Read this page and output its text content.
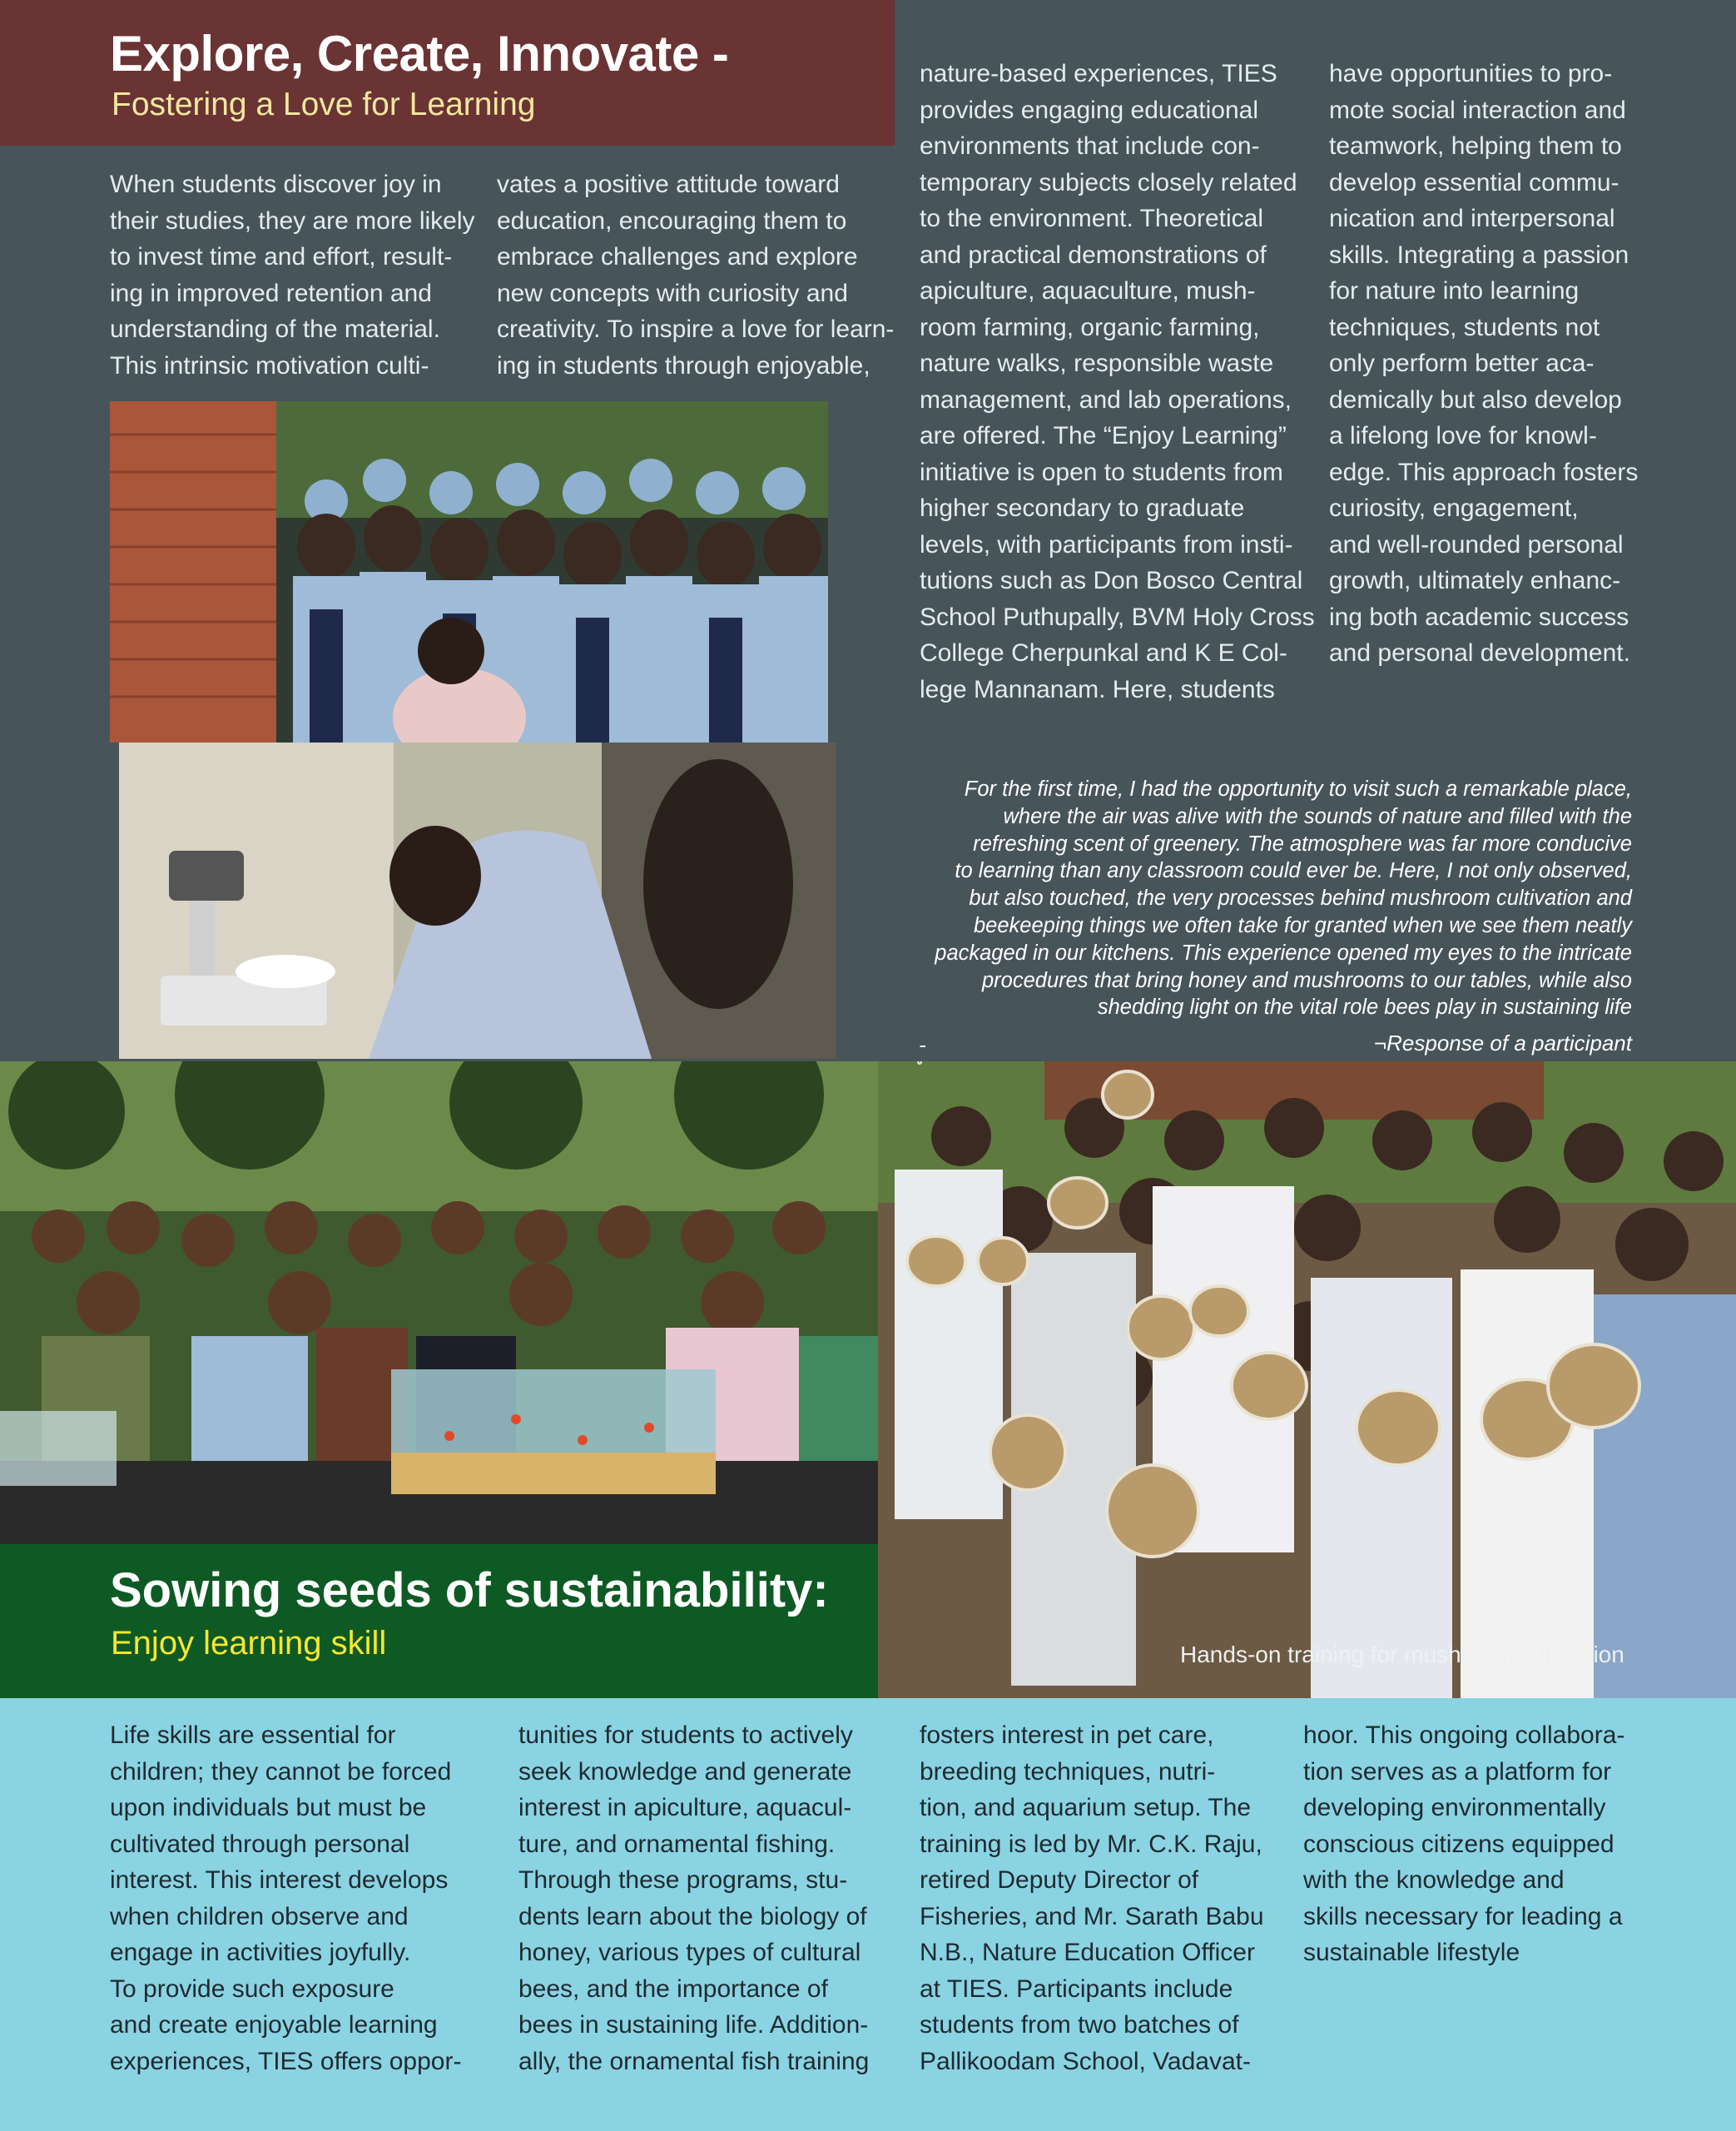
Explore, Create, Innovate -
Fostering a Love for Learning
When students discover joy in
their studies, they are more likely
to invest time and effort, result-
ing in improved retention and
understanding of the material.
This intrinsic motivation culti-
vates a positive attitude toward
education, encouraging them to
embrace challenges and explore
new concepts with curiosity and
creativity. To inspire a love for learn-
ing in students through enjoyable,
nature-based experiences, TIES
provides engaging educational
environments that include con-
temporary subjects closely related
to the environment. Theoretical
and practical demonstrations of
apiculture, aquaculture, mush-
room farming, organic farming,
nature walks, responsible waste
management, and lab operations,
are offered. The “Enjoy Learning”
initiative is open to students from
higher secondary to graduate
levels, with participants from insti-
tutions such as Don Bosco Central
School Puthupally, BVM Holy Cross
College Cherpunkal and K E Col-
lege Mannanam. Here, students
have opportunities to pro-
mote social interaction and
teamwork, helping them to
develop essential commu-
nication and interpersonal
skills. Integrating a passion
for nature into learning
techniques, students not
only perform better aca-
demically but also develop
a lifelong love for knowl-
edge. This approach fosters
curiosity, engagement,
and well-rounded personal
growth, ultimately enhanc-
ing both academic success
and personal development.
For the first time, I had the opportunity to visit such a remarkable place,
where the air was alive with the sounds of nature and filled with the
refreshing scent of greenery. The atmosphere was far more conducive
to learning than any classroom could ever be. Here, I not only observed,
but also touched, the very processes behind mushroom cultivation and
beekeeping things we often take for granted when we see them neatly
packaged in our kitchens. This experience opened my eyes to the intricate
procedures that bring honey and mushrooms to our tables, while also
shedding light on the vital role bees play in sustaining life
-	¬Response of a participant
Sowing seeds of sustainability:
Enjoy learning skill	Hands-on training for mushroom cultivation
Life skills are essential for
children; they cannot be forced
upon individuals but must be
cultivated through personal
interest. This interest develops
when children observe and
engage in activities joyfully.
To provide such exposure
and create enjoyable learning
experiences, TIES offers oppor-
tunities for students to actively
seek knowledge and generate
interest in apiculture, aquacul-
ture, and ornamental fishing.
Through these programs, stu-
dents learn about the biology of
honey, various types of cultural
bees, and the importance of
bees in sustaining life. Addition-
ally, the ornamental fish training
fosters interest in pet care,
breeding techniques, nutri-
tion, and aquarium setup. The
training is led by Mr. C.K. Raju,
retired Deputy Director of
Fisheries, and Mr. Sarath Babu
N.B., Nature Education Officer
at TIES. Participants include
students from two batches of
Pallikoodam School, Vadavat-
hoor. This ongoing collabora-
tion serves as a platform for
developing environmentally
conscious citizens equipped
with the knowledge and
skills necessary for leading a
sustainable lifestyle
